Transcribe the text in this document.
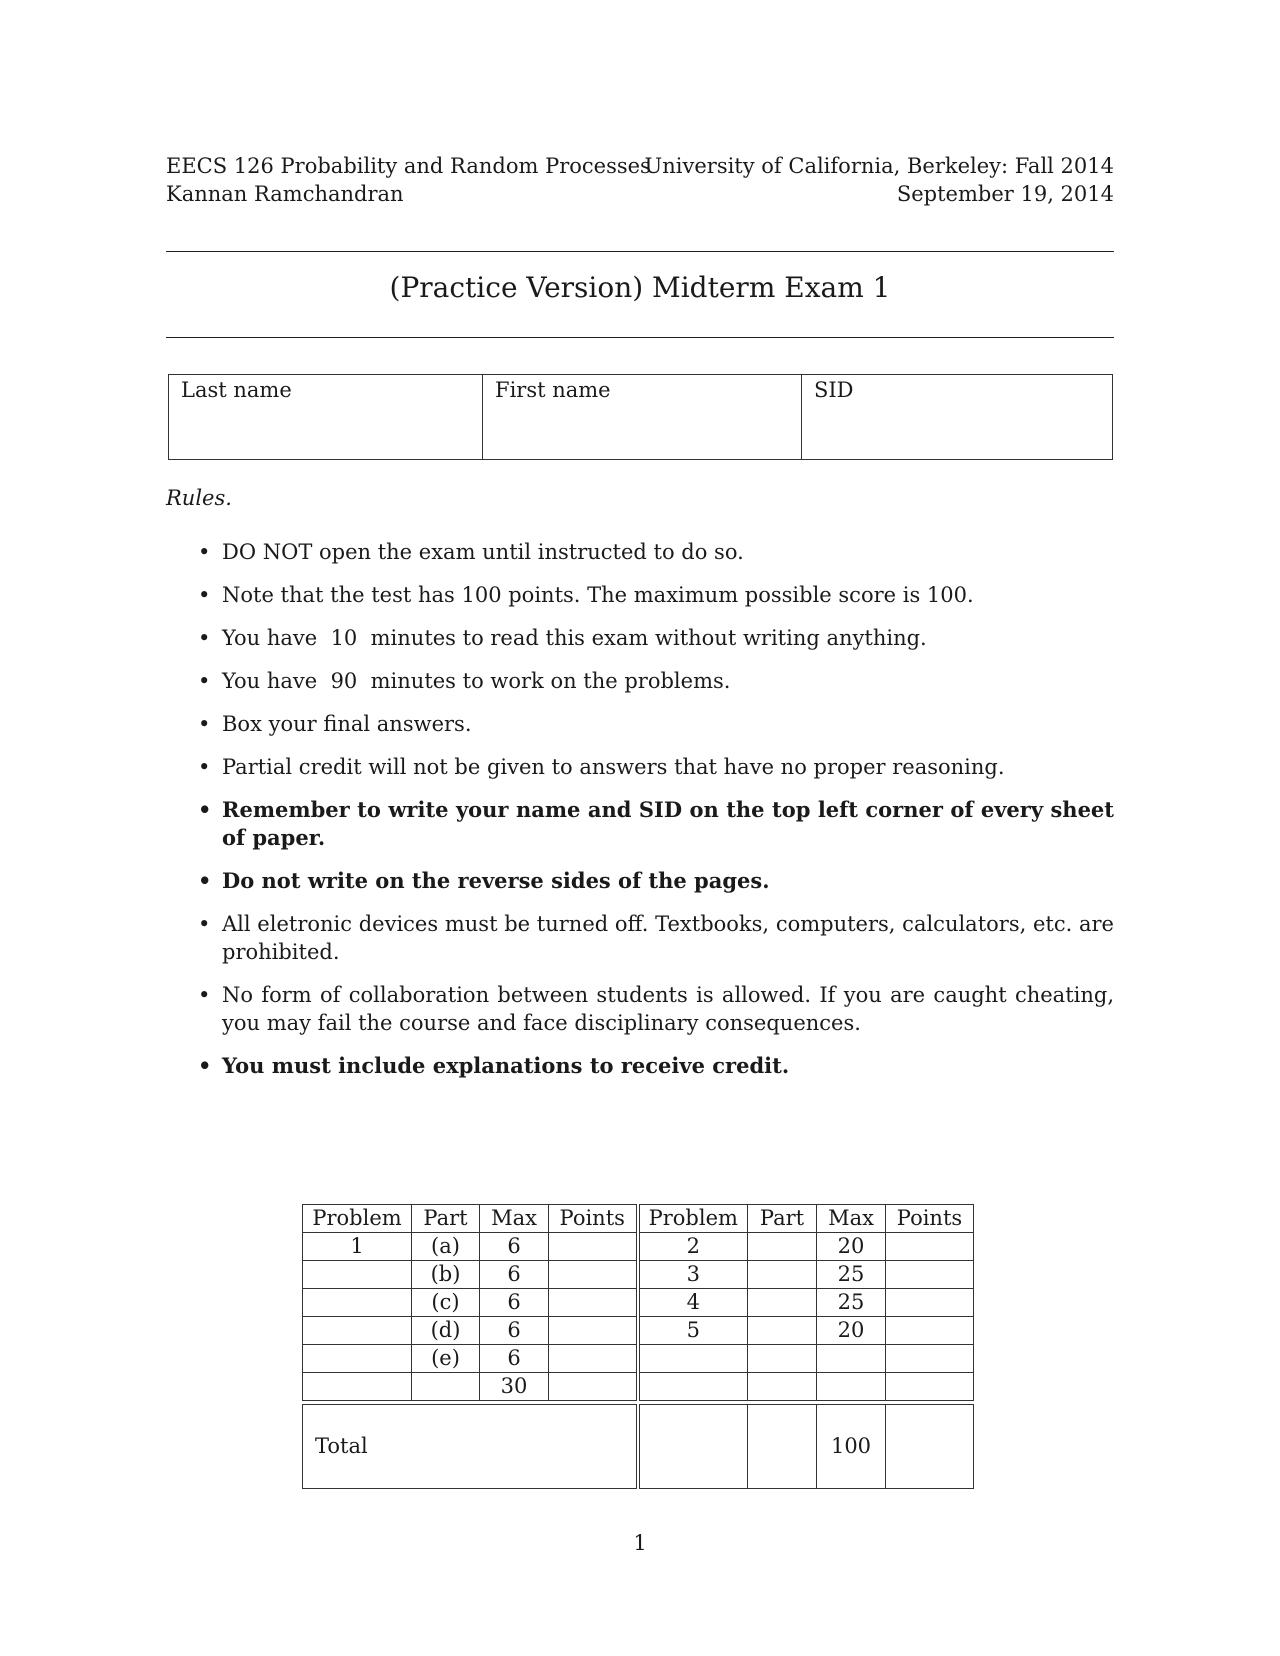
EECS 126 Probability and Random Processes
Kannan Ramchandran
University of California, Berkeley: Fall 2014
September 19, 2014
(Practice Version) Midterm Exam 1
Last name	First name	SID
Rules.
• DO NOT open the exam until instructed to do so.
• Note that the test has 100 points. The maximum possible score is 100.
• You have  10  minutes to read this exam without writing anything.
• You have  90  minutes to work on the problems.
• Box your final answers.
• Partial credit will not be given to answers that have no proper reasoning.
• Remember to write your name and SID on the top left corner of every sheet of paper.
• Do not write on the reverse sides of the pages.
• All eletronic devices must be turned off. Textbooks, computers, calculators, etc. are prohibited.
• No form of collaboration between students is allowed. If you are caught cheating, you may fail the course and face disciplinary consequences.
• You must include explanations to receive credit.
Problem	Part	Max	Points	Problem	Part	Max	Points
1	(a)	6		2		20	
	(b)	6		3		25	
	(c)	6		4		25	
	(d)	6		5		20	
	(e)	6					
		30					

Total						100	
1
